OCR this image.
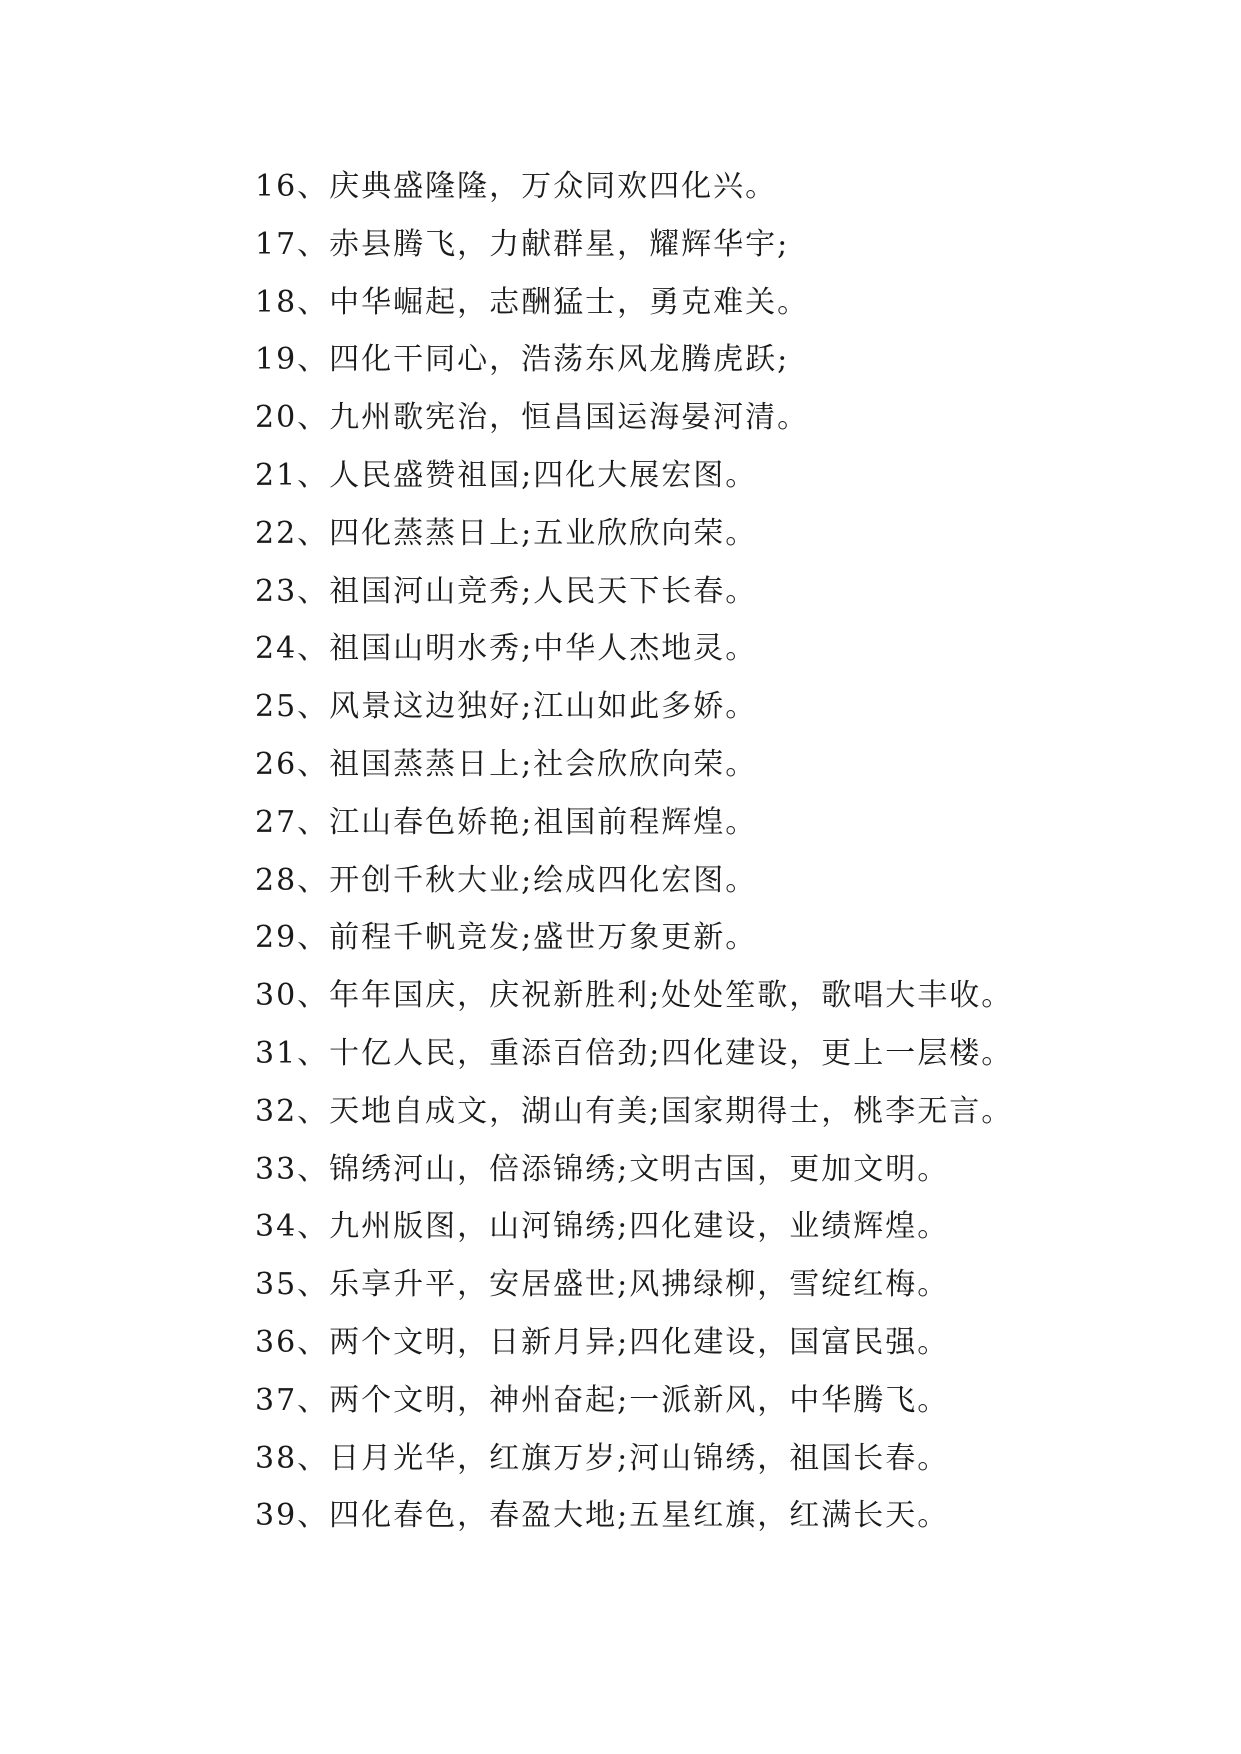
16、庆典盛隆隆，万众同欢四化兴。
17、赤县腾飞，力献群星，耀辉华宇;
18、中华崛起，志酬猛士，勇克难关。
19、四化干同心，浩荡东风龙腾虎跃;
20、九州歌宪治，恒昌国运海晏河清。
21、人民盛赞祖国;四化大展宏图。
22、四化蒸蒸日上;五业欣欣向荣。
23、祖国河山竞秀;人民天下长春。
24、祖国山明水秀;中华人杰地灵。
25、风景这边独好;江山如此多娇。
26、祖国蒸蒸日上;社会欣欣向荣。
27、江山春色娇艳;祖国前程辉煌。
28、开创千秋大业;绘成四化宏图。
29、前程千帆竞发;盛世万象更新。
30、年年国庆，庆祝新胜利;处处笙歌，歌唱大丰收。
31、十亿人民，重添百倍劲;四化建设，更上一层楼。
32、天地自成文，湖山有美;国家期得士，桃李无言。
33、锦绣河山，倍添锦绣;文明古国，更加文明。
34、九州版图，山河锦绣;四化建设，业绩辉煌。
35、乐享升平，安居盛世;风拂绿柳，雪绽红梅。
36、两个文明，日新月异;四化建设，国富民强。
37、两个文明，神州奋起;一派新风，中华腾飞。
38、日月光华，红旗万岁;河山锦绣，祖国长春。
39、四化春色，春盈大地;五星红旗，红满长天。
